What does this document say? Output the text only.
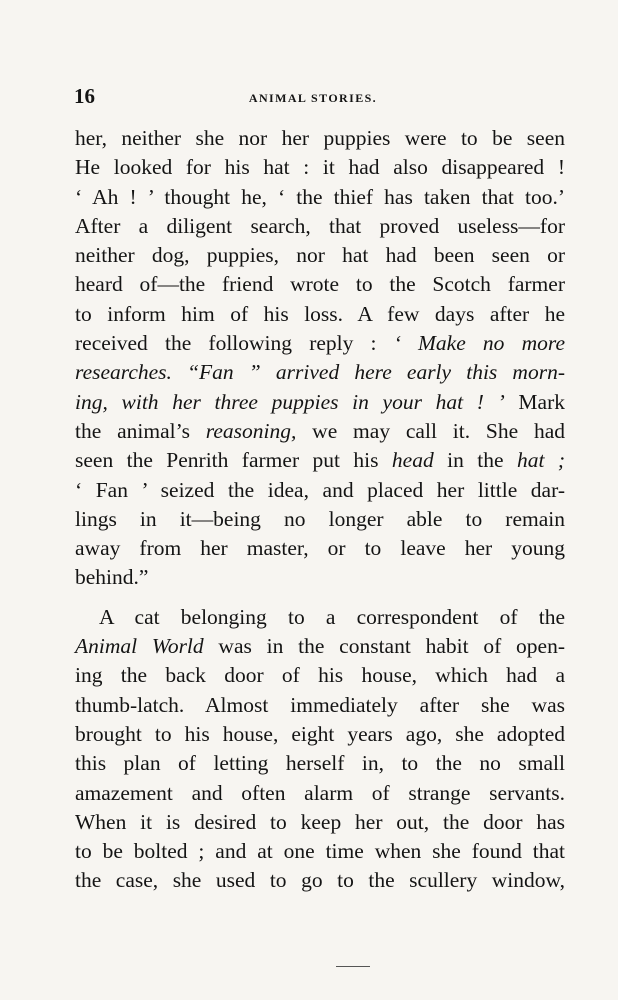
16	ANIMAL STORIES.
her, neither she nor her puppies were to be seen
He looked for his hat : it had also disappeared !
‘ Ah ! ’ thought he, ‘ the thief has taken that too.’
After a diligent search, that proved useless—for
neither dog, puppies, nor hat had been seen or
heard of—the friend wrote to the Scotch farmer
to inform him of his loss. A few days after he
received the following reply : ‘ Make no more
researches. “Fan ” arrived here early this morn-
ing, with her three puppies in your hat ! ’ Mark
the animal’s reasoning, we may call it. She had
seen the Penrith farmer put his head in the hat ;
‘ Fan ’ seized the idea, and placed her little dar-
lings in it—being no longer able to remain
away from her master, or to leave her young
behind.”
A cat belonging to a correspondent of the
Animal World was in the constant habit of open-
ing the back door of his house, which had a
thumb-latch. Almost immediately after she was
brought to his house, eight years ago, she adopted
this plan of letting herself in, to the no small
amazement and often alarm of strange servants.
When it is desired to keep her out, the door has
to be bolted ; and at one time when she found that
the case, she used to go to the scullery window,
